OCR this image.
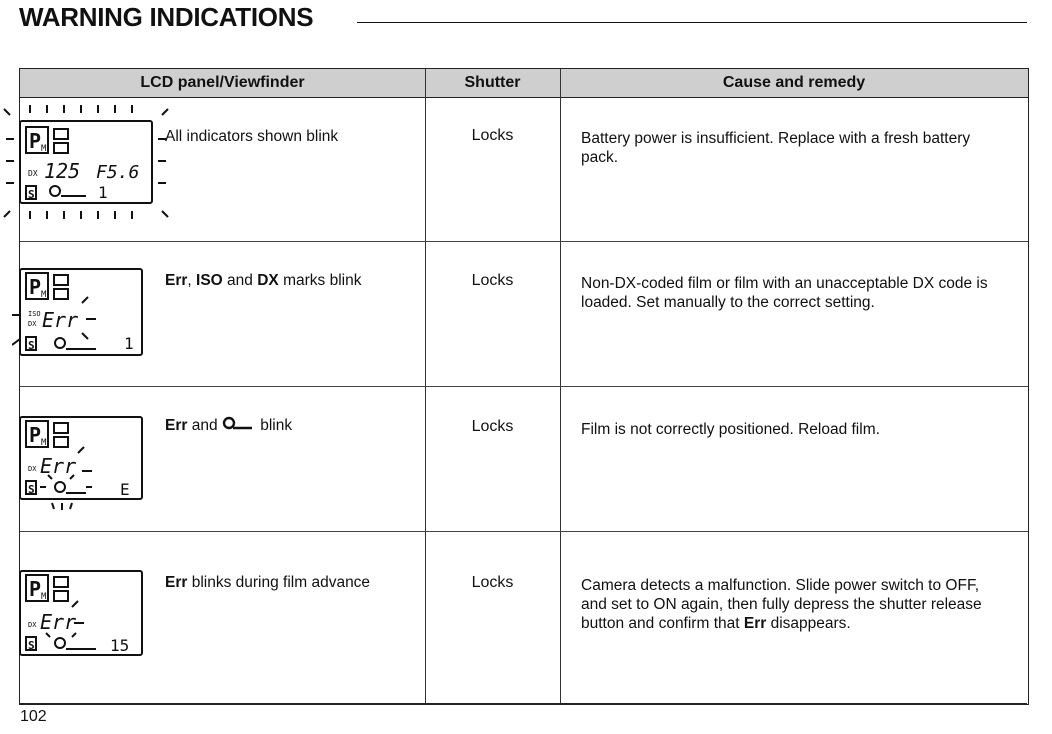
WARNING INDICATIONS
LCD panel/Viewfinder	Shutter	Cause and remedy
P M
DX 125 F5.6
S	1
All indicators shown blink	Locks	Battery power is insufficient. Replace with a fresh battery pack.
P M
ISO
DX Err
S	1
Err, ISO and DX marks blink	Locks	Non-DX-coded film or film with an unacceptable DX code is loaded. Set manually to the correct setting.
P M
DX Err
S	E
Err and  blink	Locks	Film is not correctly positioned. Reload film.
P M
DX Err
S	15
Err blinks during film advance	Locks	Camera detects a malfunction. Slide power switch to OFF, and set to ON again, then fully depress the shutter release button and confirm that Err disappears.
102
